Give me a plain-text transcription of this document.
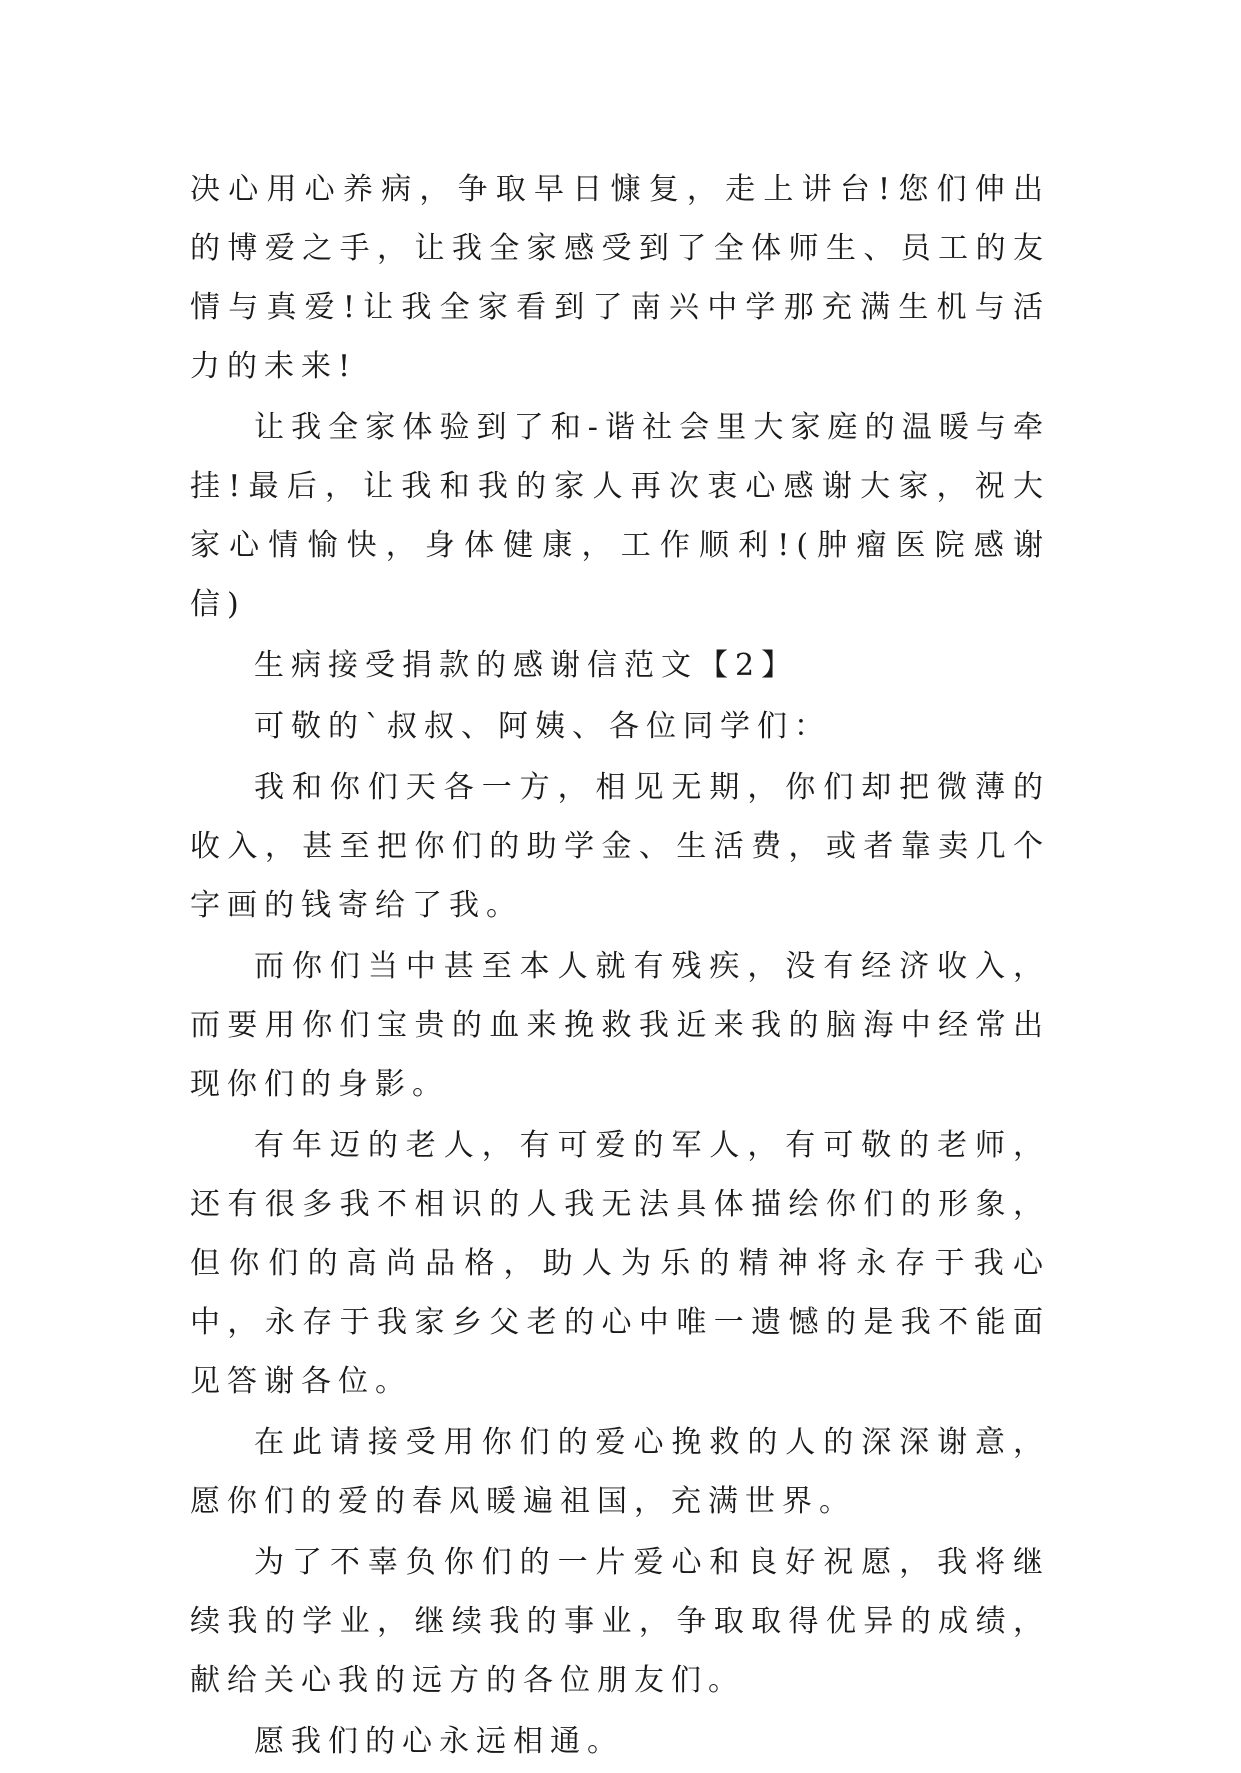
决心用心养病，争取早日慷复，走上讲台!您们伸出的博爱之手，让我全家感受到了全体师生、员工的友情与真爱!让我全家看到了南兴中学那充满生机与活力的未来!

让我全家体验到了和-谐社会里大家庭的温暖与牵挂!最后，让我和我的家人再次衷心感谢大家，祝大家心情愉快，身体健康，工作顺利!(肿瘤医院感谢信)

生病接受捐款的感谢信范文【2】

可敬的`叔叔、阿姨、各位同学们：

我和你们天各一方，相见无期，你们却把微薄的收入，甚至把你们的助学金、生活费，或者靠卖几个字画的钱寄给了我。

而你们当中甚至本人就有残疾，没有经济收入，而要用你们宝贵的血来挽救我近来我的脑海中经常出现你们的身影。

有年迈的老人，有可爱的军人，有可敬的老师，还有很多我不相识的人我无法具体描绘你们的形象，但你们的高尚品格，助人为乐的精神将永存于我心中，永存于我家乡父老的心中唯一遗憾的是我不能面见答谢各位。

在此请接受用你们的爱心挽救的人的深深谢意，愿你们的爱的春风暖遍祖国，充满世界。

为了不辜负你们的一片爱心和良好祝愿，我将继续我的学业，继续我的事业，争取取得优异的成绩，献给关心我的远方的各位朋友们。

愿我们的心永远相通。
